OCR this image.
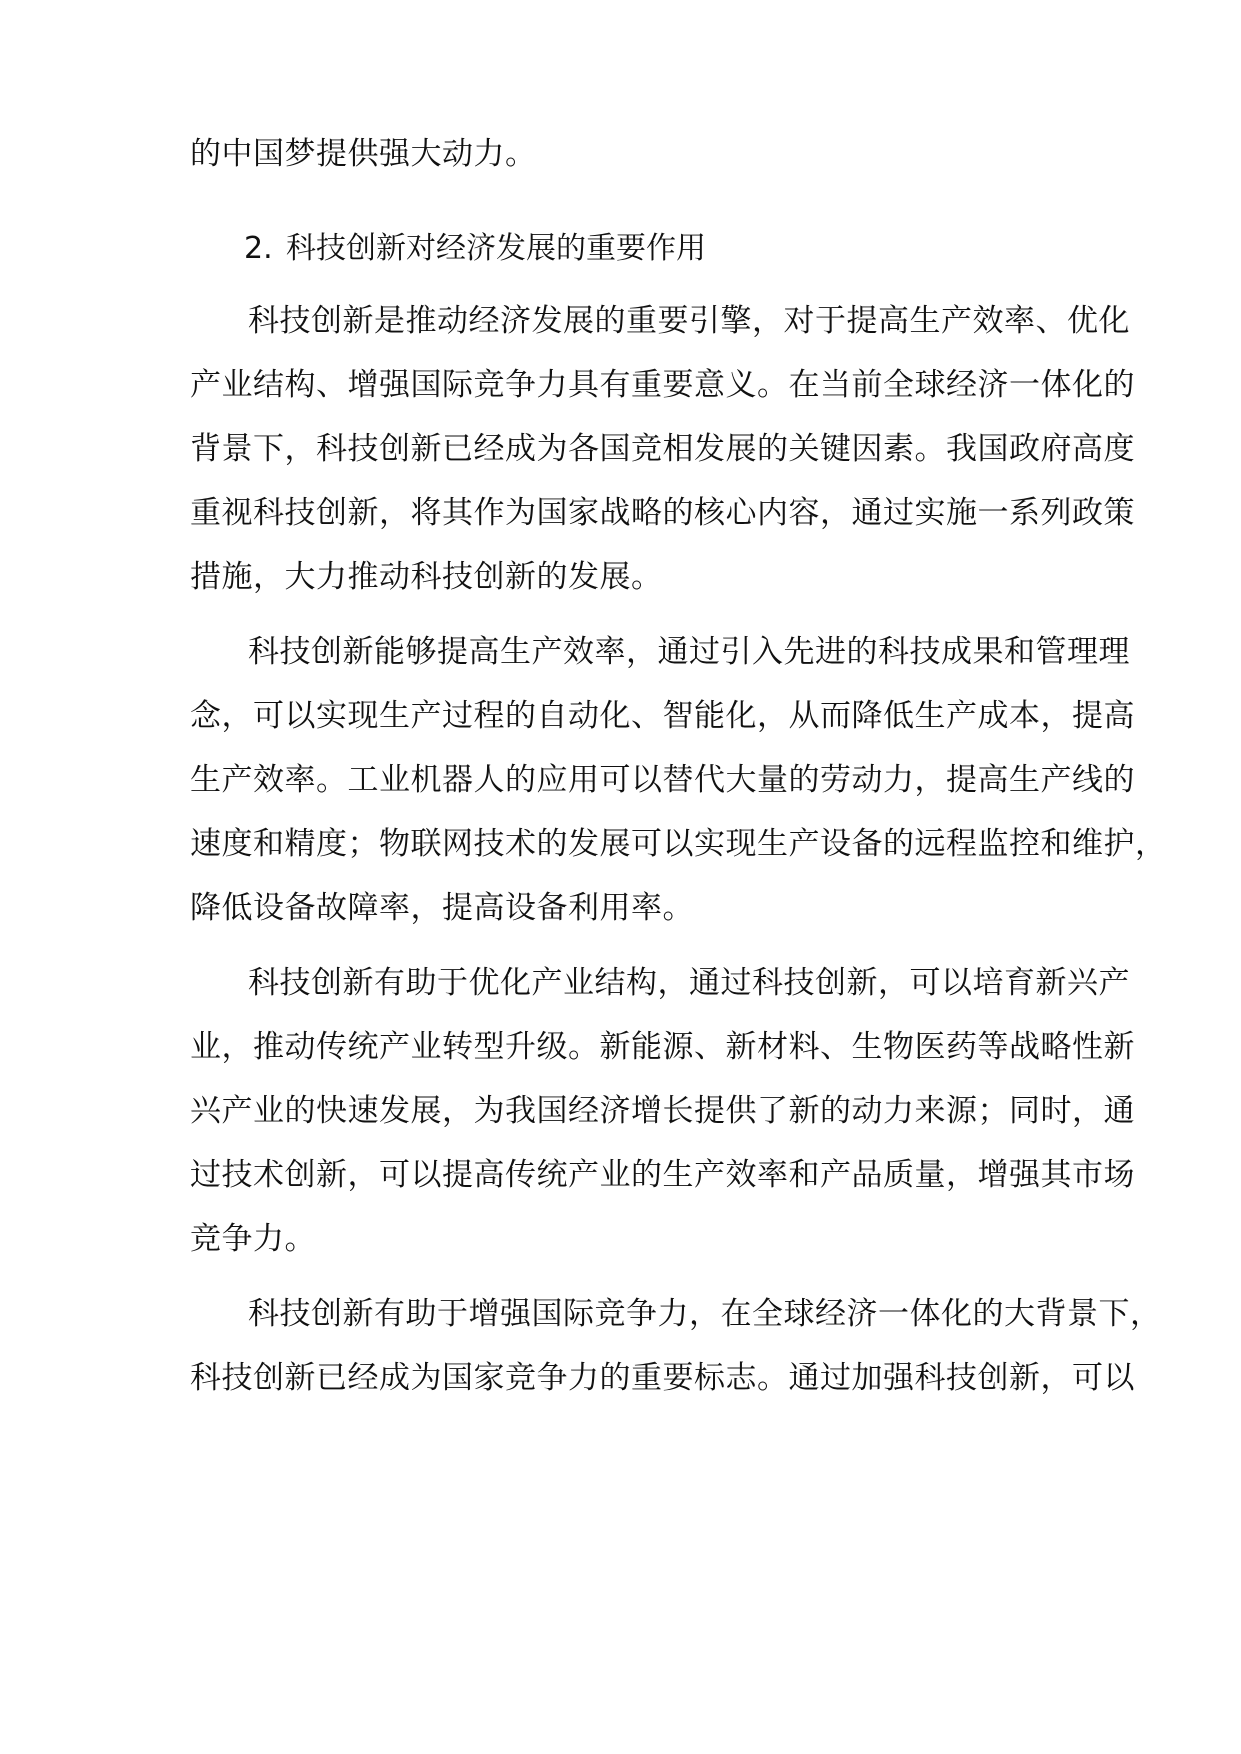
的中国梦提供强大动力。
2. 科技创新对经济发展的重要作用
科技创新是推动经济发展的重要引擎，对于提高生产效率、优化
产业结构、增强国际竞争力具有重要意义。在当前全球经济一体化的
背景下，科技创新已经成为各国竞相发展的关键因素。我国政府高度
重视科技创新，将其作为国家战略的核心内容，通过实施一系列政策
措施，大力推动科技创新的发展。
科技创新能够提高生产效率，通过引入先进的科技成果和管理理
念，可以实现生产过程的自动化、智能化，从而降低生产成本，提高
生产效率。工业机器人的应用可以替代大量的劳动力，提高生产线的
速度和精度；物联网技术的发展可以实现生产设备的远程监控和维护，
降低设备故障率，提高设备利用率。
科技创新有助于优化产业结构，通过科技创新，可以培育新兴产
业，推动传统产业转型升级。新能源、新材料、生物医药等战略性新
兴产业的快速发展，为我国经济增长提供了新的动力来源；同时，通
过技术创新，可以提高传统产业的生产效率和产品质量，增强其市场
竞争力。
科技创新有助于增强国际竞争力，在全球经济一体化的大背景下，
科技创新已经成为国家竞争力的重要标志。通过加强科技创新，可以
